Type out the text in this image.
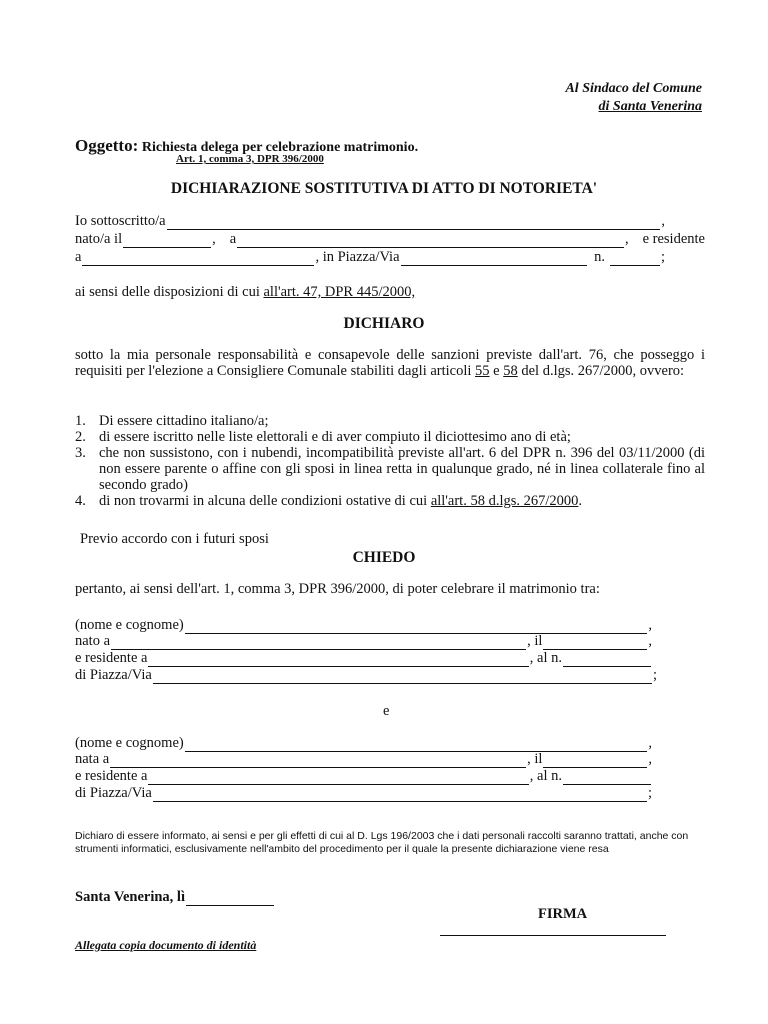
Al Sindaco del Comune
di Santa Venerina
Oggetto: Richiesta delega per celebrazione matrimonio.
Art. 1, comma 3, DPR 396/2000
DICHIARAZIONE SOSTITUTIVA DI ATTO DI NOTORIETA'
Io sottoscritto/a	,
nato/a il	, a	, e residente
a	, in Piazza/Via	n.	;
ai sensi delle disposizioni di cui all'art. 47, DPR 445/2000,
DICHIARO
sotto la mia personale responsabilità e consapevole delle sanzioni previste dall'art. 76, che posseggo i requisiti per l'elezione a Consigliere Comunale stabiliti dagli articoli 55 e 58 del d.lgs. 267/2000, ovvero:
1. Di essere cittadino italiano/a;
2. di essere iscritto nelle liste elettorali e di aver compiuto il diciottesimo ano di età;
3. che non sussistono, con i nubendi, incompatibilità previste all'art. 6 del DPR n. 396 del 03/11/2000 (di non essere parente o affine con gli sposi in linea retta in qualunque grado, né in linea collaterale fino al secondo grado)
4. di non trovarmi in alcuna delle condizioni ostative di cui all'art. 58 d.lgs. 267/2000.
Previo accordo con i futuri sposi
CHIEDO
pertanto, ai sensi dell'art. 1, comma 3, DPR 396/2000, di poter celebrare il matrimonio tra:
(nome e cognome)	,
nato a	, il	,
e residente a	, al n.
di Piazza/Via	;
e
(nome e cognome)	,
nata a	, il	,
e residente a	, al n.
di Piazza/Via	;
Dichiaro di essere informato, ai sensi e per gli effetti di cui al D. Lgs 196/2003 che i dati personali raccolti saranno trattati, anche con strumenti informatici, esclusivamente nell'ambito del procedimento per il quale la presente dichiarazione viene resa
Santa Venerina, lì
FIRMA
Allegata copia documento di identità
